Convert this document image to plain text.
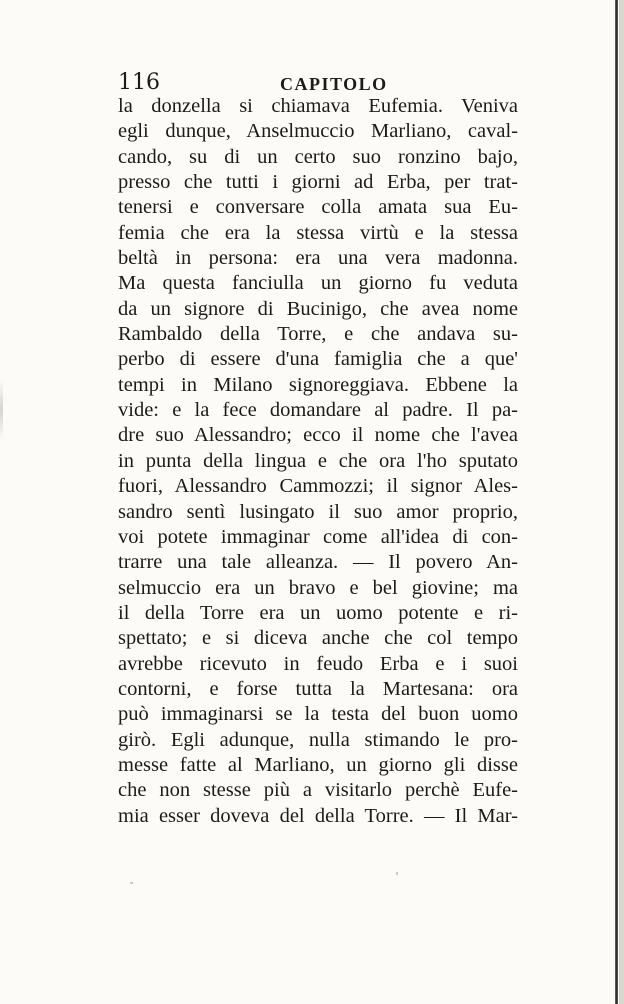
116	CAPITOLO
la donzella si chiamava Eufemia. Veniva
egli dunque, Anselmuccio Marliano, caval-
cando, su di un certo suo ronzino bajo,
presso che tutti i giorni ad Erba, per trat-
tenersi e conversare colla amata sua Eu-
femia che era la stessa virtù e la stessa
beltà in persona: era una vera madonna.
Ma questa fanciulla un giorno fu veduta
da un signore di Bucinigo, che avea nome
Rambaldo della Torre, e che andava su-
perbo di essere d'una famiglia che a que'
tempi in Milano signoreggiava. Ebbene la
vide: e la fece domandare al padre. Il pa-
dre suo Alessandro; ecco il nome che l'avea
in punta della lingua e che ora l'ho sputato
fuori, Alessandro Cammozzi; il signor Ales-
sandro sentì lusingato il suo amor proprio,
voi potete immaginar come all'idea di con-
trarre una tale alleanza. — Il povero An-
selmuccio era un bravo e bel giovine; ma
il della Torre era un uomo potente e ri-
spettato; e si diceva anche che col tempo
avrebbe ricevuto in feudo Erba e i suoi
contorni, e forse tutta la Martesana: ora
può immaginarsi se la testa del buon uomo
girò. Egli adunque, nulla stimando le pro-
messe fatte al Marliano, un giorno gli disse
che non stesse più a visitarlo perchè Eufe-
mia esser doveva del della Torre. — Il Mar-
